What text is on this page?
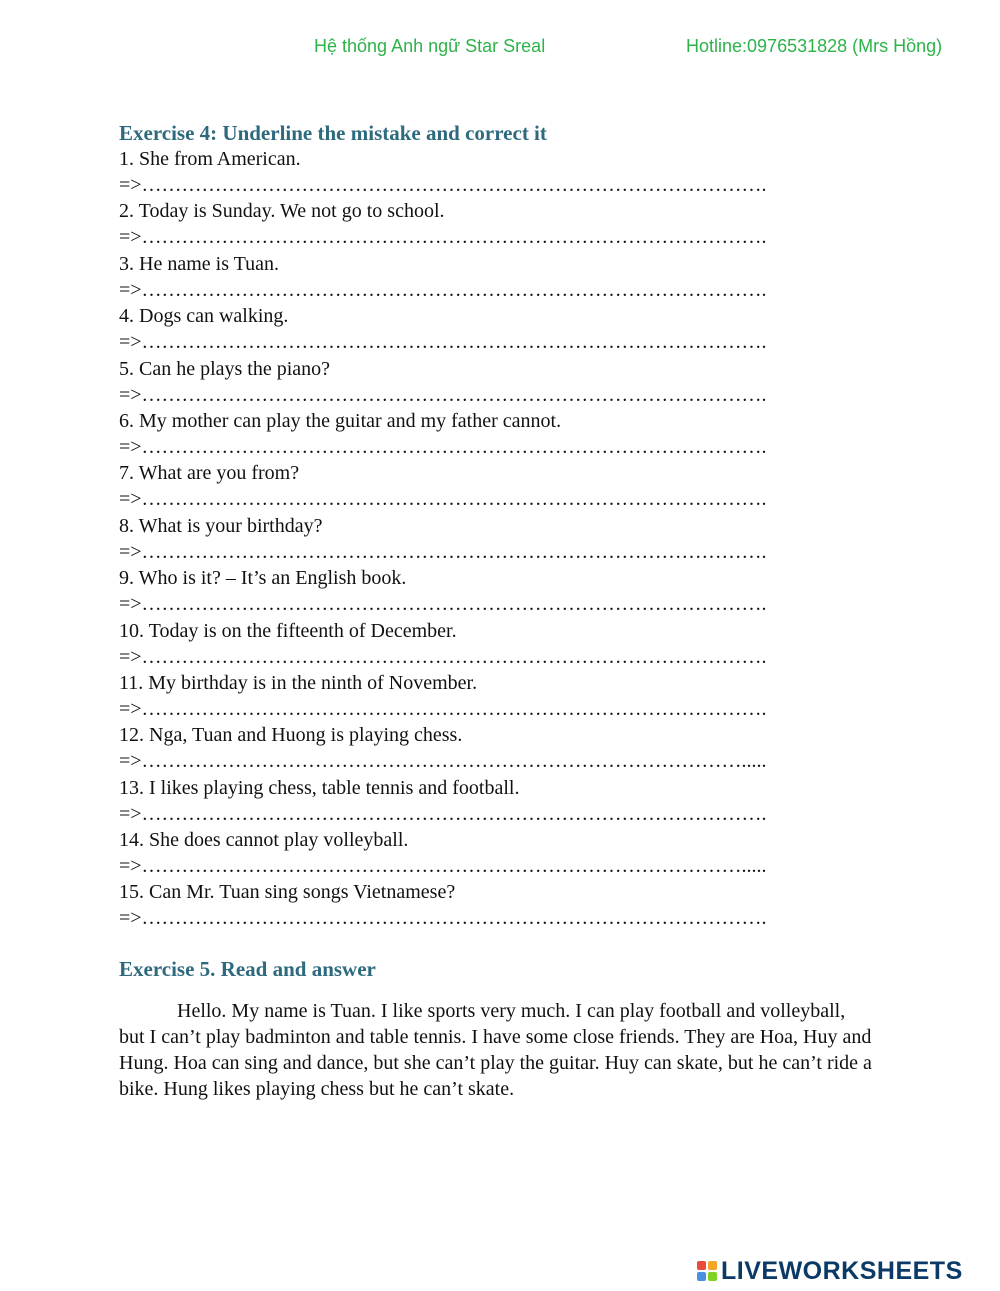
Hệ thống Anh ngữ Star Sreal	Hotline:0976531828 (Mrs Hồng)
Exercise 4: Underline the mistake and correct it
1. She from American.
=>………………………………………………………………………………….
2. Today is Sunday. We not go to school.
=>………………………………………………………………………………….
3. He name is Tuan.
=>………………………………………………………………………………….
4. Dogs can walking.
=>………………………………………………………………………………….
5. Can he plays the piano?
=>………………………………………………………………………………….
6. My mother can play the guitar and my father cannot.
=>………………………………………………………………………………….
7. What are you from?
=>………………………………………………………………………………….
8. What is your birthday?
=>………………………………………………………………………………….
9. Who is it? – It’s an English book.
=>………………………………………………………………………………….
10. Today is on the fifteenth of December.
=>………………………………………………………………………………….
11. My birthday is in the ninth of November.
=>………………………………………………………………………………….
12. Nga, Tuan and Huong is playing chess.
=>……………………………………………………………………………….....
13. I likes playing chess, table tennis and football.
=>………………………………………………………………………………….
14. She does cannot play volleyball.
=>……………………………………………………………………………….....
15. Can Mr. Tuan sing songs Vietnamese?
=>………………………………………………………………………………….
Exercise 5. Read and answer

Hello. My name is Tuan. I like sports very much. I can play football and volleyball, but I can’t play badminton and table tennis. I have some close friends. They are Hoa, Huy and Hung. Hoa can sing and dance, but she can’t play the guitar. Huy can skate, but he can’t ride a bike. Hung likes playing chess but he can’t skate.

LIVEWORKSHEETS
